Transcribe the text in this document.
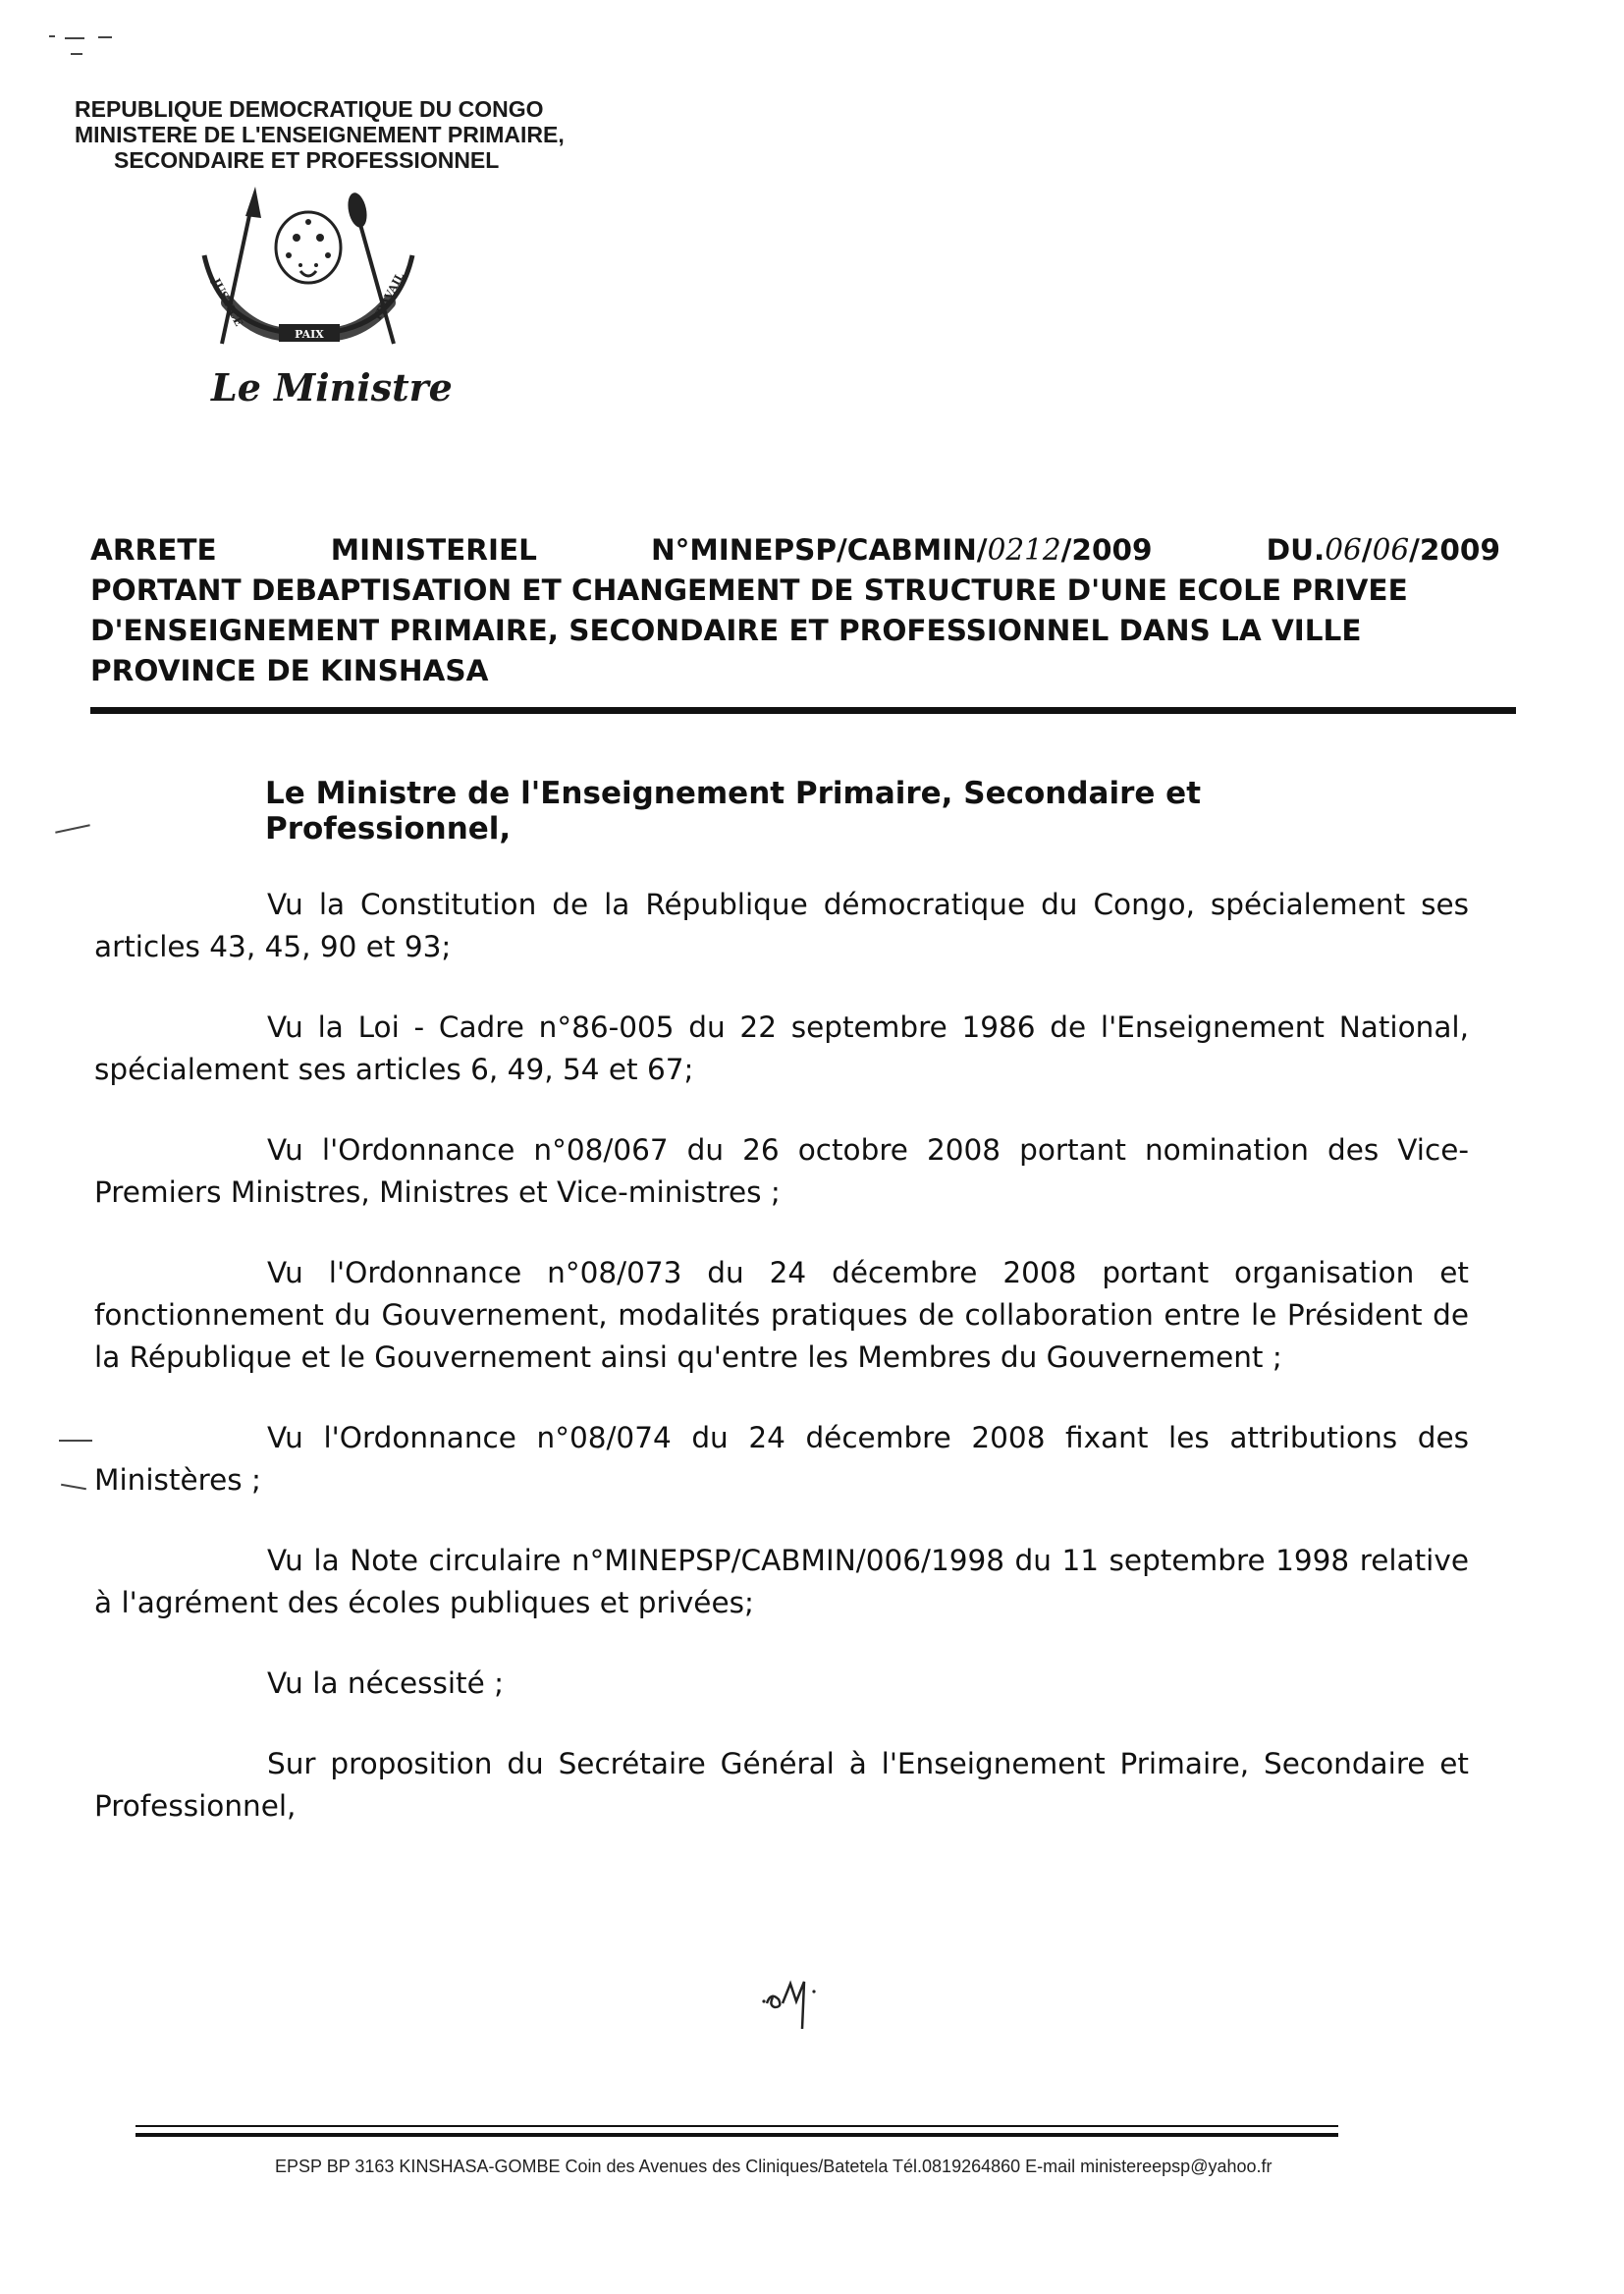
REPUBLIQUE DEMOCRATIQUE DU CONGO
MINISTERE DE L'ENSEIGNEMENT PRIMAIRE,
SECONDAIRE ET PROFESSIONNEL
PAIX
JUSTICE	TRAVAIL
Le Ministre
ARRETE	MINISTERIEL	N°MINEPSP/CABMIN/0212/2009	DU.06/06/2009
PORTANT DEBAPTISATION ET CHANGEMENT DE STRUCTURE D'UNE ECOLE PRIVEE
D'ENSEIGNEMENT PRIMAIRE, SECONDAIRE ET PROFESSIONNEL DANS LA VILLE
PROVINCE DE KINSHASA
Le Ministre de l'Enseignement Primaire, Secondaire et Professionnel,

Vu la Constitution de la République démocratique du Congo, spécialement ses articles 43, 45, 90 et 93;

Vu la Loi - Cadre n°86-005 du 22 septembre 1986 de l'Enseignement National, spécialement ses articles 6, 49, 54 et 67;

Vu l'Ordonnance n°08/067 du 26 octobre 2008 portant nomination des Vice-Premiers Ministres, Ministres et Vice-ministres ;

Vu l'Ordonnance n°08/073 du 24 décembre 2008 portant organisation et fonctionnement du Gouvernement, modalités pratiques de collaboration entre le Président de la République et le Gouvernement ainsi qu'entre les Membres du Gouvernement ;

Vu l'Ordonnance n°08/074 du 24 décembre 2008 fixant les attributions des Ministères ;

Vu la Note circulaire n°MINEPSP/CABMIN/006/1998 du 11 septembre 1998 relative à l'agrément des écoles publiques et privées;

Vu la nécessité ;

Sur proposition du Secrétaire Général à l'Enseignement Primaire, Secondaire et Professionnel,

EPSP BP 3163 KINSHASA-GOMBE Coin des Avenues des Cliniques/Batetela Tél.0819264860 E-mail ministereepsp@yahoo.fr
